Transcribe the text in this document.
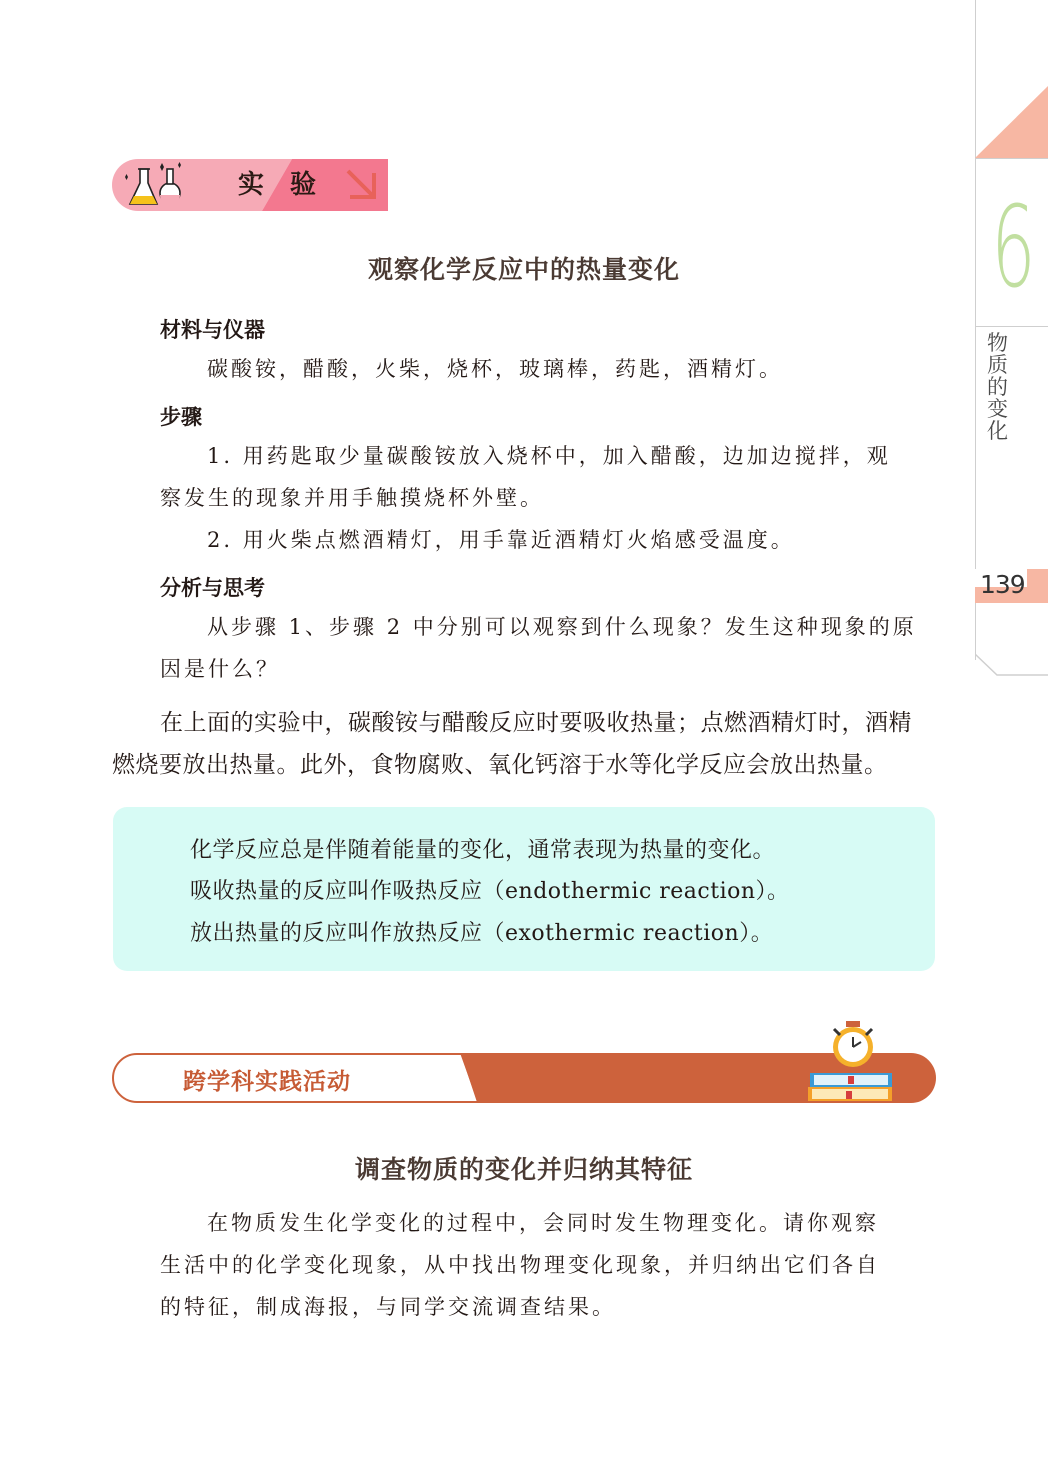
6
物质的变化
139
实验
观察化学反应中的热量变化
材料与仪器
碳酸铵，醋酸，火柴，烧杯，玻璃棒，药匙，酒精灯。
步骤
1. 用药匙取少量碳酸铵放入烧杯中，加入醋酸，边加边搅拌，观
察发生的现象并用手触摸烧杯外壁。
2. 用火柴点燃酒精灯，用手靠近酒精灯火焰感受温度。
分析与思考
从步骤 1、步骤 2 中分别可以观察到什么现象？发生这种现象的原
因是什么？
在上面的实验中，碳酸铵与醋酸反应时要吸收热量；点燃酒精灯时，酒精
燃烧要放出热量。此外，食物腐败、氧化钙溶于水等化学反应会放出热量。
化学反应总是伴随着能量的变化，通常表现为热量的变化。
吸收热量的反应叫作吸热反应（endothermic reaction）。
放出热量的反应叫作放热反应（exothermic reaction）。
跨学科实践活动
调查物质的变化并归纳其特征
在物质发生化学变化的过程中，会同时发生物理变化。请你观察
生活中的化学变化现象，从中找出物理变化现象，并归纳出它们各自
的特征，制成海报，与同学交流调查结果。
